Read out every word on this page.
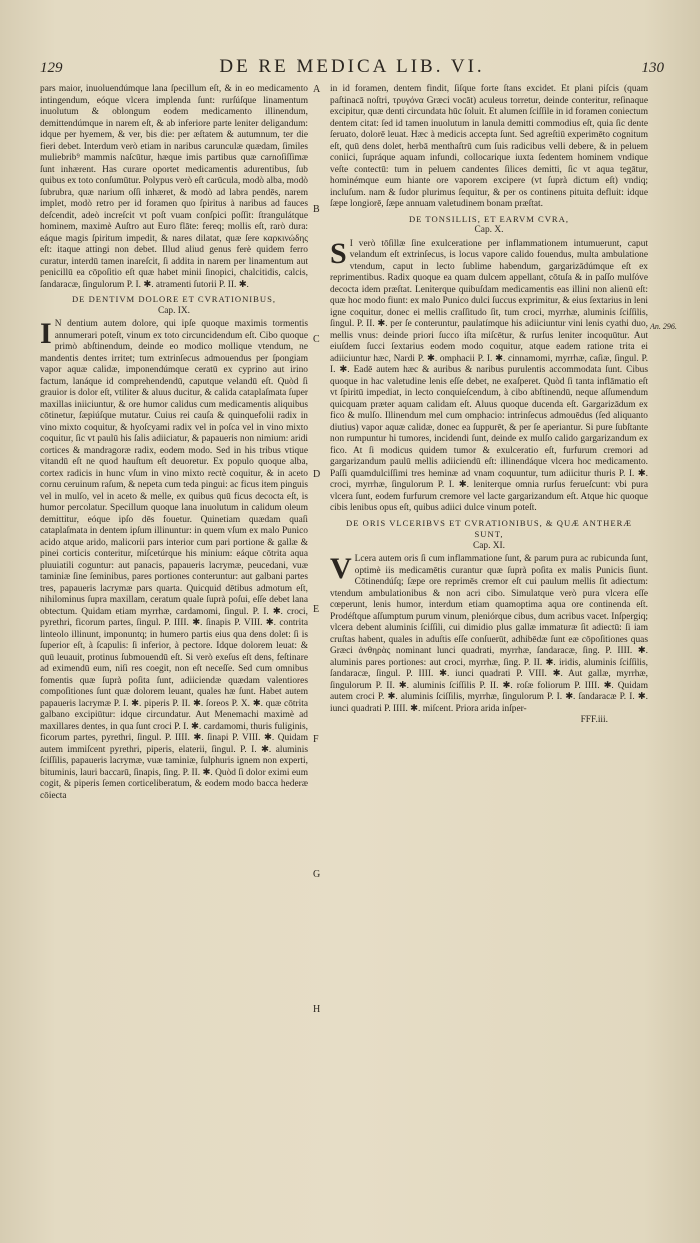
129	DE RE MEDICA LIB. VI.	130

pars maior, inuoluendúmque lana ſpecillum eſt, & in eo medicamento intingendum, eóque vlcera implenda ſunt: rurſúſque linamentum inuolutum & oblongum eodem medicamento illinendum, demittendúmque in narem eſt, & ab inferiore parte leniter deligandum: idque per hyemem, & ver, bis die: per æſtatem & autumnum, ter die fieri debet. Interdum verò etiam in naribus carunculæ quædam, ſimiles muliebrib⁹ mammis naſcūtur, hæque imis partibus quæ carnoſiſſimæ ſunt inhærent. Has curare oportet medicamentis adurentibus, ſub quibus ex toto conſumūtur. Polypus verò eſt carūcula, modò alba, modò ſubrubra, quæ narium oſſi inhæret, & modò ad labra pendēs, narem implet, modò retro per id foramen quo ſpiritus à naribus ad fauces deſcendit, adeò increſcit vt poſt vuam conſpici poſſit: ſtrangulátque hominem, maximè Auſtro aut Euro flāte: fereq; mollis eſt, rarò dura: eáque magis ſpiritum impedit, & nares dilatat, quæ ſere καρκινώδης eſt: itaque attingi non debet. Illud aliud genus ferè quidem ferro curatur, interdū tamen inareſcit, ſi addita in narem per linamentum aut penicillū ea cōpoſitio eſt quæ habet minii ſinopici, chalcitidis, calcis, ſandaracæ, ſingulorum P. I. ✱. atramenti ſutorii P. II. ✱.

DE DENTIVM DOLORE ET CVRATIONIBUS,
Cap. IX.

I N dentium autem dolore, qui ipſe quoque maximis tormentis annumerari poteſt, vinum ex toto circuncidendum eſt. Cibo quoque primò abſtinendum, deinde eo modico mollique vtendum, ne mandentis dentes irritet; tum extrinſecus admouendus per ſpongiam vapor aquæ calidæ, imponendúmque ceratū ex cyprino aut irino factum, lanáque id comprehendendū, caputque velandū eſt. Quòd ſi grauior is dolor eſt, vtiliter & aluus ducitur, & calida cataplaſmata ſuper maxillas iniiciuntur, & ore humor calidus cum medicamentis aliquibus cōtinetur, ſæpiúſque mutatur. Cuius rei cauſa & quinquefolii radix in vino mixto coquitur, & hyoſcyami radix vel in poſca vel in vino mixto coquitur, ſic vt paulū his ſalis adiiciatur, & papaueris non nimium: aridi cortices & mandragoræ radix, eodem modo. Sed in his tribus vtique vitandū eſt ne quod hauſtum eſt deuoretur. Ex populo quoque alba, cortex radicis in hunc vſum in vino mixto rectè coquitur, & in aceto cornu ceruinum raſum, & nepeta cum teda pingui: ac ficus item pinguis vel in mulſo, vel in aceto & melle, ex quibus quū ficus decocta eſt, is humor percolatur. Specillum quoque lana inuolutum in calidum oleum demittitur, eóque ipſo dēs fouetur. Quinetiam quædam quaſi cataplaſmata in dentem ipſum illinuntur: in quem vſum ex malo Punico acido atque arido, malicorii pars interior cum pari portione & gallæ & pinei corticis conteritur, miſcetúrque his minium: eáque cōtrita aqua pluuiatili coguntur: aut panacis, papaueris lacrymæ, peucedani, vuæ taminiæ ſine ſeminibus, pares portiones conteruntur: aut galbani partes tres, papaueris lacrymæ pars quarta. Quicquid dētibus admotum eſt, nihilominus ſupra maxillam, ceratum quale ſuprà poſui, eſſe debet lana obtectum. Quidam etiam myrrhæ, cardamomi, ſingul. P. I. ✱. croci, pyrethri, ficorum partes, ſingul. P. IIII. ✱. ſinapis P. VIII. ✱. contrita linteolo illinunt, imponuntq; in humero partis eius qua dens dolet: ſi is ſuperior eſt, à ſcapulis: ſi inferior, à pectore. Idque dolorem leuat: & quū leuauit, protinus ſubmouendū eſt. Si verò exeſus eſt dens, feſtinare ad eximendū eum, niſi res coegit, non eſt neceſſe. Sed cum omnibus fomentis quæ ſuprà poſita ſunt, adiiciendæ quædam valentiores compoſitiones ſunt quæ dolorem leuant, quales hæ ſunt. Habet autem papaueris lacrymæ P. I. ✱. piperis P. II. ✱. ſoreos P. X. ✱. quæ cōtrita galbano excipiūtur: idque circundatur. Aut Menemachi maximè ad maxillares dentes, in qua ſunt croci P. I. ✱. cardamomi, thuris fuliginis, ficorum partes, pyrethri, ſingul. P. IIII. ✱. ſinapi P. VIII. ✱. Quidam autem immiſcent pyrethri, piperis, elaterii, ſingul. P. I. ✱. aluminis ſciſſilis, papaueris lacrymæ, vuæ taminiæ, ſulphuris ignem non experti, bituminis, lauri baccarū, ſinapis, ſing. P. II. ✱. Quòd ſi dolor eximi eum cogit, & piperis ſemen corticeliberatum, & eodem modo bacca hederæ cōiecta

A
B
C
D
E
F
G
H

in id foramen, dentem findit, ſiſque forte ſtans excidet. Et plani piſcis (quam paſtinacā noſtri, τρυγόνα Græci vocāt) aculeus torretur, deinde conteritur, reſinaque excipitur, quæ denti circundata hūc ſoluit. Et alumen ſciſſile in id foramen coniectum dentem citat: ſed id tamen inuolutum in lanula demitti commodius eſt, quia ſic dente ſeruato, dolorē leuat. Hæc à medicis accepta ſunt. Sed agreſtiū experimēto cognitum eſt, quū dens dolet, herbā menthaſtrū cum ſuis radicibus velli debere, & in peluem coniici, ſupráque aquam infundi, collocarique iuxta ſedentem hominem vndique veſte contectū: tum in peluem candentes ſilices demitti, ſic vt aqua tegātur, hominémque eum hiante ore vaporem excipere (vt ſuprà dictum eſt) vndiq; incluſum. nam & ſudor plurimus ſequitur, & per os continens pituita defluit: idque ſæpe longiorē, ſæpe annuam valetudinem bonam præſtat.

DE TONSILLIS, ET EARVM CVRA,
Cap. X.

S I verò tōſillæ ſine exulceratione per inflammationem intumuerunt, caput velandum eſt extrinſecus, is locus vapore calido fouendus, multa ambulatione vtendum, caput in lecto ſublime habendum, gargarizādúmque eſt ex reprimentibus. Radix quoque ea quam dulcem appellant, cōtuſa & in paſſo mulſóve decocta idem præſtat. Leniterque quibuſdam medicamentis eas illini non alienū eſt: quæ hoc modo fiunt: ex malo Punico dulci ſuccus exprimitur, & eius ſextarius in leni igne coquitur, donec ei mellis craſſitudo ſit, tum croci, myrrhæ, aluminis ſciſſilis, ſingul. P. II. ✱. per ſe conteruntur, paulatímque his adiiciuntur vini lenis cyathi duo, mellis vnus: deinde priori ſucco iſta miſcētur, & rurſus leniter incoquūtur. Aut eiuſdem ſucci ſextarius eodem modo coquitur, atque eadem ratione trita ei adiiciuntur hæc, Nardi P. ✱. omphacii P. I. ✱. cinnamomi, myrrhæ, caſiæ, ſingul. P. I. ✱. Eadē autem hæc & auribus & naribus purulentis accommodata ſunt. Cibus quoque in hac valetudine lenis eſſe debet, ne exaſperet. Quòd ſi tanta inflāmatio eſt vt ſpiritū impediat, in lecto conquieſcendum, à cibo abſtinendū, neque aſſumendum quicquam præter aquam calidam eſt. Aluus quoque ducenda eſt. Gargarizādum ex fico & mulſo. Illinendum mel cum omphacio: intrinſecus admouēdus (ſed aliquanto diutius) vapor aquæ calidæ, donec ea ſuppurēt, & per ſe aperiantur. Si pure ſubſtante non rumpuntur hi tumores, incidendi ſunt, deinde ex mulſo calido gargarizandum ex fico. At ſi modicus quidem tumor & exulceratio eſt, furfurum cremori ad gargarizandum paulū mellis adiiciendū eſt: illinendáque vlcera hoc medicamento. Paſſi quamdulciſſimi tres heminæ ad vnam coquuntur, tum adiicitur thuris P. I. ✱. croci, myrrhæ, ſingulorum P. I. ✱. leniterque omnia rurſus ferueſcunt: vbi pura vlcera ſunt, eodem furfurum cremore vel lacte gargarizandum eſt. Atque hic quoque cibis lenibus opus eſt, quibus adiici dulce vinum poteſt.

DE ORIS VLCERIBVS ET CVRATIONIBUS, & QUÆ ANTHERÆ SUNT,
Cap. XI.

V Lcera autem oris ſi cum inflammatione ſunt, & parum pura ac rubicunda ſunt, optimè iis medicamētis curantur quæ ſuprà poſita ex malis Punicis ſiunt. Cōtinendúſq; ſæpe ore reprimēs cremor eſt cui paulum mellis ſit adiectum: vtendum ambulationibus & non acri cibo. Simulatque verò pura vlcera eſſe cœperunt, lenis humor, interdum etiam quamoptima aqua ore continenda eſt. Prodéſtque aſſumptum purum vinum, pleniórque cibus, dum acribus vacet. Inſpergiq; vlcera debent aluminis ſciſſili, cui dimidio plus gallæ immaturæ ſit adiectū: ſi iam cruſtas habent, quales in aduſtis eſſe conſuerūt, adhibēdæ ſunt eæ cōpoſitiones quas Græci ἀνθηρὰς nominant lunci quadrati, myrrhæ, ſandaracæ, ſing. P. IIII. ✱. aluminis pares portiones: aut croci, myrrhæ, ſing. P. II. ✱. iridis, aluminis ſciſſilis, ſandaracæ, ſingul. P. IIII. ✱. iunci quadrati P. VIII. ✱. Aut gallæ, myrrhæ, ſingulorum P. II. ✱. aluminis ſciſſilis P. II. ✱. roſæ foliorum P. IIII. ✱. Quidam autem croci P. ✱. aluminis ſciſſilis, myrrhæ, ſingulorum P. I. ✱. ſandaracæ P. I. ✱. iunci quadrati P. IIII. ✱. miſcent. Priora arida inſper-

FFF.iii.
An. 296.
